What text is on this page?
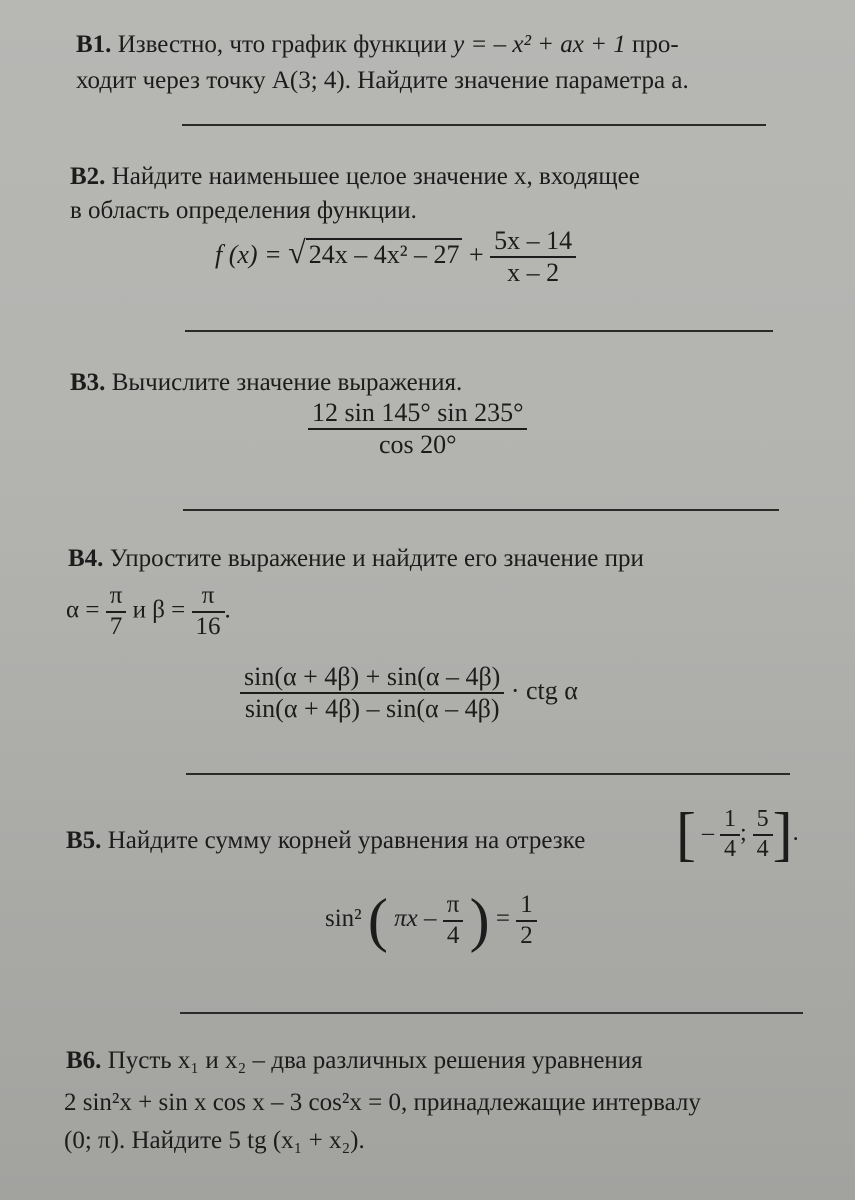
В1. Известно, что график функции y = – x² + ax + 1 про-
ходит через точку A(3; 4). Найдите значение параметра a.
В2. Найдите наименьшее целое значение x, входящее
в область определения функции.
f (x) = √ $24x - 4x^2 - 27 + \frac{5x - 14}{x - 2}$
В3. Вычислите значение выражения.
$\frac{12 \sin 145^\circ \sin 235^\circ}{\cos 20^\circ}$
В4. Упростите выражение и найдите его значение при
$\alpha = \frac{\pi}{7}$ и $\beta = \frac{\pi}{16}$ .
$\frac{\sin(\alpha + 4\beta) + \sin(\alpha - 4\beta)}{\sin(\alpha + 4\beta) - \sin(\alpha - 4\beta)}$ · ctg α
В5. Найдите сумму корней уравнения на отрезке [ – $\frac{1}{4}$ ; $\frac{5}{4}$ ].
sin² ( πx – $\frac{\pi}{4}$ ) = $\frac{1}{2}$
В6. Пусть x₁ и x₂ – два различных решения уравнения
2 sin²x + sin x cos x – 3 cos²x = 0, принадлежащие интервалу
(0; π). Найдите 5 tg (x₁ + x₂).
